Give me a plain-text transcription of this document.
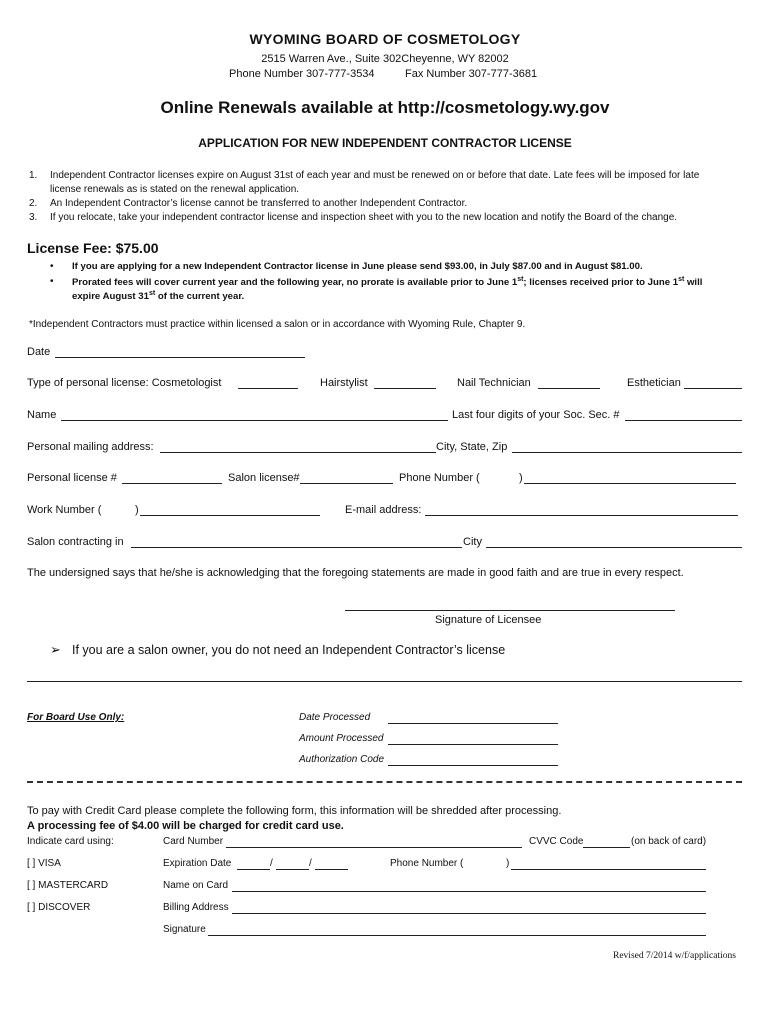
WYOMING BOARD OF COSMETOLOGY
2515 Warren Ave., Suite 302Cheyenne, WY 82002
Phone Number 307-777-3534	Fax Number 307-777-3681
Online Renewals available at http://cosmetology.wy.gov
APPLICATION FOR NEW INDEPENDENT CONTRACTOR LICENSE
1. Independent Contractor licenses expire on August 31st of each year and must be renewed on or before that date. Late fees will be imposed for late
license renewals as is stated on the renewal application.
2. An Independent Contractor’s license cannot be transferred to another Independent Contractor.
3. If you relocate, take your independent contractor license and inspection sheet with you to the new location and notify the Board of the change.
License Fee: $75.00
• If you are applying for a new Independent Contractor license in June please send $93.00, in July $87.00 and in August $81.00.
• Prorated fees will cover current year and the following year, no prorate is available prior to June 1st; licenses received prior to June 1st will
expire August 31st of the current year.
*Independent Contractors must practice within licensed a salon or in accordance with Wyoming Rule, Chapter 9.
Date
Type of personal license: Cosmetologist	Hairstylist	Nail Technician	Esthetician
Name	Last four digits of your Soc. Sec. #
Personal mailing address:	City, State, Zip
Personal license #	Salon license#	Phone Number (	)
Work Number (	)	E-mail address:
Salon contracting in	City
The undersigned says that he/she is acknowledging that the foregoing statements are made in good faith and are true in every respect.
Signature of Licensee
➢ If you are a salon owner, you do not need an Independent Contractor’s license
For Board Use Only:	Date Processed
Amount Processed
Authorization Code
To pay with Credit Card please complete the following form, this information will be shredded after processing.
A processing fee of $4.00 will be charged for credit card use.
Indicate card using:	Card Number	CVVC Code	(on back of card)
[ ] VISA	Expiration Date	/	/	Phone Number (	)
[ ] MASTERCARD	Name on Card
[ ] DISCOVER	Billing Address
Signature
Revised 7/2014 w/f/applications
